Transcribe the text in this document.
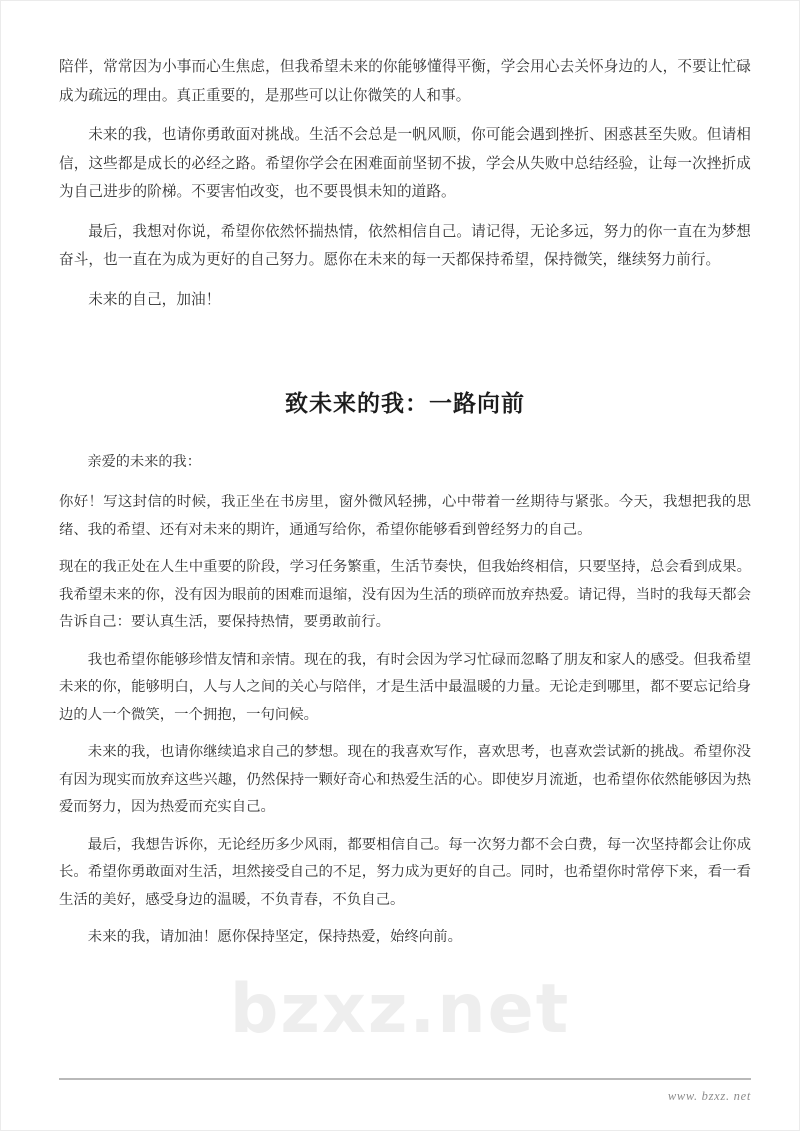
bzxz.net

陪伴，常常因为小事而心生焦虑，但我希望未来的你能够懂得平衡，学会用心去关怀身边的人，不要让忙碌成为疏远的理由。真正重要的，是那些可以让你微笑的人和事。

未来的我，也请你勇敢面对挑战。生活不会总是一帆风顺，你可能会遇到挫折、困惑甚至失败。但请相信，这些都是成长的必经之路。希望你学会在困难面前坚韧不拔，学会从失败中总结经验，让每一次挫折成为自己进步的阶梯。不要害怕改变，也不要畏惧未知的道路。

最后，我想对你说，希望你依然怀揣热情，依然相信自己。请记得，无论多远，努力的你一直在为梦想奋斗，也一直在为成为更好的自己努力。愿你在未来的每一天都保持希望，保持微笑，继续努力前行。

未来的自己，加油！

致未来的我：一路向前

亲爱的未来的我：

你好！写这封信的时候，我正坐在书房里，窗外微风轻拂，心中带着一丝期待与紧张。今天，我想把我的思绪、我的希望、还有对未来的期许，通通写给你，希望你能够看到曾经努力的自己。

现在的我正处在人生中重要的阶段，学习任务繁重，生活节奏快，但我始终相信，只要坚持，总会看到成果。我希望未来的你，没有因为眼前的困难而退缩，没有因为生活的琐碎而放弃热爱。请记得，当时的我每天都会告诉自己：要认真生活，要保持热情，要勇敢前行。

我也希望你能够珍惜友情和亲情。现在的我，有时会因为学习忙碌而忽略了朋友和家人的感受。但我希望未来的你，能够明白，人与人之间的关心与陪伴，才是生活中最温暖的力量。无论走到哪里，都不要忘记给身边的人一个微笑，一个拥抱，一句问候。

未来的我，也请你继续追求自己的梦想。现在的我喜欢写作，喜欢思考，也喜欢尝试新的挑战。希望你没有因为现实而放弃这些兴趣，仍然保持一颗好奇心和热爱生活的心。即使岁月流逝，也希望你依然能够因为热爱而努力，因为热爱而充实自己。

最后，我想告诉你，无论经历多少风雨，都要相信自己。每一次努力都不会白费，每一次坚持都会让你成长。希望你勇敢面对生活，坦然接受自己的不足，努力成为更好的自己。同时，也希望你时常停下来，看一看生活的美好，感受身边的温暖，不负青春，不负自己。

未来的我，请加油！愿你保持坚定，保持热爱，始终向前。

www. bzxz. net
